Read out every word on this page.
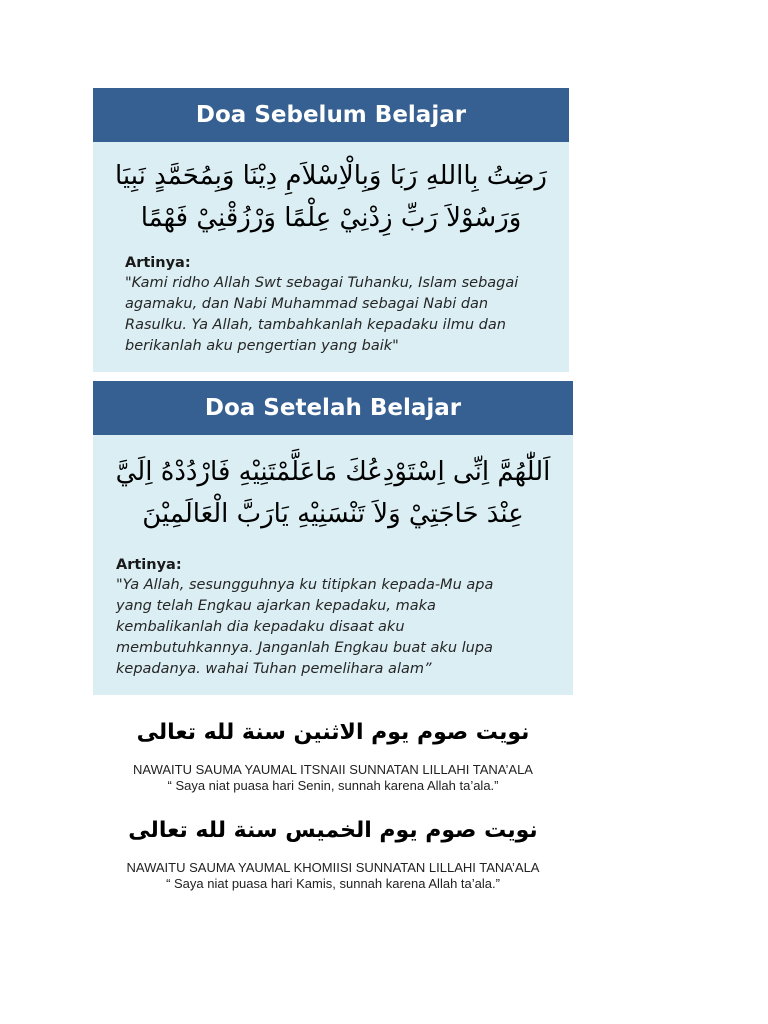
Doa Sebelum Belajar
رَضِتُ بِااللهِ رَبَا وَبِالْاِسْلاَمِ دِيْنَا وَبِمُحَمَّدٍ نَبِيَا
وَرَسُوْلاَ رَبِّ زِدْنِيْ عِلْمًا وَرْزُقْنِيْ فَهْمًا
Artinya:
"Kami ridho Allah Swt sebagai Tuhanku, Islam sebagai
agamaku, dan Nabi Muhammad sebagai Nabi dan
Rasulku. Ya Allah, tambahkanlah kepadaku ilmu dan
berikanlah aku pengertian yang baik"
Doa Setelah Belajar
اَللّٰهُمَّ اِنِّى اِسْتَوْدِعُكَ مَاعَلَّمْتَنِيْهِ فَارْدُدْهُ اِلَيَّ
عِنْدَ حَاجَتِيْ وَلاَ تَنْسَنِيْهِ يَارَبَّ الْعَالَمِيْنَ
Artinya:
"Ya Allah, sesungguhnya ku titipkan kepada-Mu apa
yang telah Engkau ajarkan kepadaku, maka
kembalikanlah dia kepadaku disaat aku
membutuhkannya. Janganlah Engkau buat aku lupa
kepadanya. wahai Tuhan pemelihara alam”
نويت صوم يوم الاثنين سنة لله تعالى
NAWAITU SAUMA YAUMAL ITSNAII SUNNATAN LILLAHI TANA’ALA
“ Saya niat puasa hari Senin, sunnah karena Allah ta’ala.”
نويت صوم يوم الخميس سنة لله تعالى
NAWAITU SAUMA YAUMAL KHOMIISI SUNNATAN LILLAHI TANA’ALA
“ Saya niat puasa hari Kamis, sunnah karena Allah ta’ala.”
